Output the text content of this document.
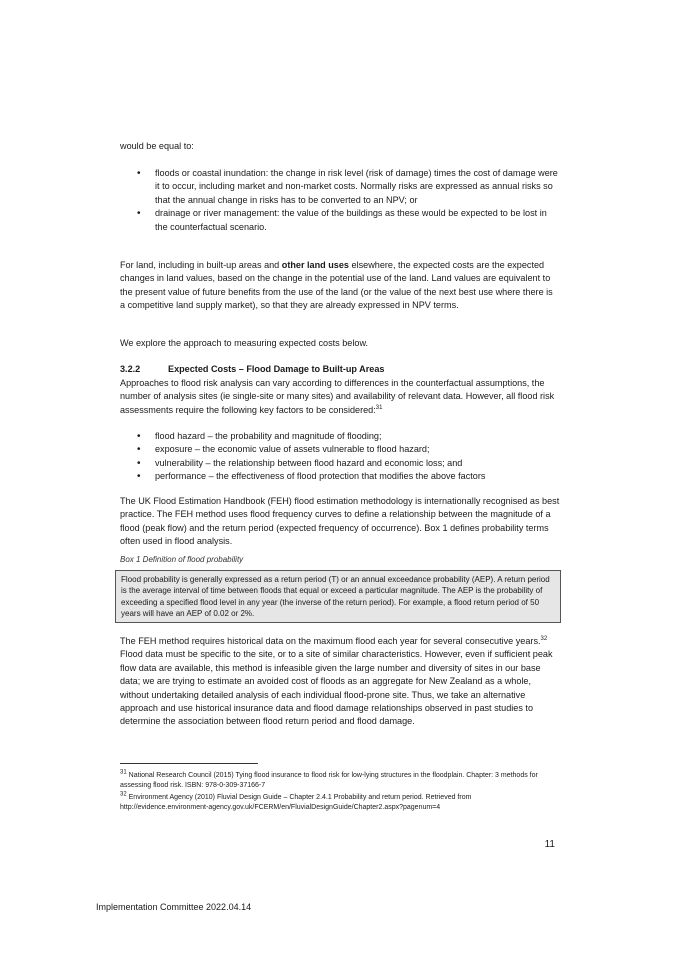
would be equal to:

• floods or coastal inundation: the change in risk level (risk of damage) times the cost of damage were it to occur, including market and non-market costs. Normally risks are expressed as annual risks so that the annual change in risks has to be converted to an NPV; or
• drainage or river management: the value of the buildings as these would be expected to be lost in the counterfactual scenario.

For land, including in built-up areas and other land uses elsewhere, the expected costs are the expected changes in land values, based on the change in the potential use of the land. Land values are equivalent to the present value of future benefits from the use of the land (or the value of the next best use where there is a competitive land supply market), so that they are already expressed in NPV terms.

We explore the approach to measuring expected costs below.

3.2.2	Expected Costs – Flood Damage to Built-up Areas

Approaches to flood risk analysis can vary according to differences in the counterfactual assumptions, the number of analysis sites (ie single-site or many sites) and availability of relevant data. However, all flood risk assessments require the following key factors to be considered:$^{31}$

• flood hazard – the probability and magnitude of flooding;
• exposure – the economic value of assets vulnerable to flood hazard;
• vulnerability – the relationship between flood hazard and economic loss; and
• performance – the effectiveness of flood protection that modifies the above factors

The UK Flood Estimation Handbook (FEH) flood estimation methodology is internationally recognised as best practice. The FEH method uses flood frequency curves to define a relationship between the magnitude of a flood (peak flow) and the return period (expected frequency of occurrence). Box 1 defines probability terms often used in flood analysis.

Box 1 Definition of flood probability
Flood probability is generally expressed as a return period (T) or an annual exceedance probability (AEP). A return period is the average interval of time between floods that equal or exceed a particular magnitude. The AEP is the probability of exceeding a specified flood level in any year (the inverse of the return period). For example, a flood return period of 50 years will have an AEP of 0.02 or 2%.

The FEH method requires historical data on the maximum flood each year for several consecutive years.$^{32}$ Flood data must be specific to the site, or to a site of similar characteristics. However, even if sufficient peak flow data are available, this method is infeasible given the large number and diversity of sites in our base data; we are trying to estimate an avoided cost of floods as an aggregate for New Zealand as a whole, without undertaking detailed analysis of each individual flood-prone site. Thus, we take an alternative approach and use historical insurance data and flood damage relationships observed in past studies to determine the association between flood return period and flood damage.

$^{31}$ National Research Council (2015) Tying flood insurance to flood risk for low-lying structures in the floodplain. Chapter: 3 methods for assessing flood risk. ISBN: 978-0-309-37166-7

$^{32}$ Environment Agency (2010) Fluvial Design Guide – Chapter 2.4.1 Probability and return period. Retrieved from http://evidence.environment-agency.gov.uk/FCERM/en/FluvialDesignGuide/Chapter2.aspx?pagenum=4

11
Implementation Committee 2022.04.14
